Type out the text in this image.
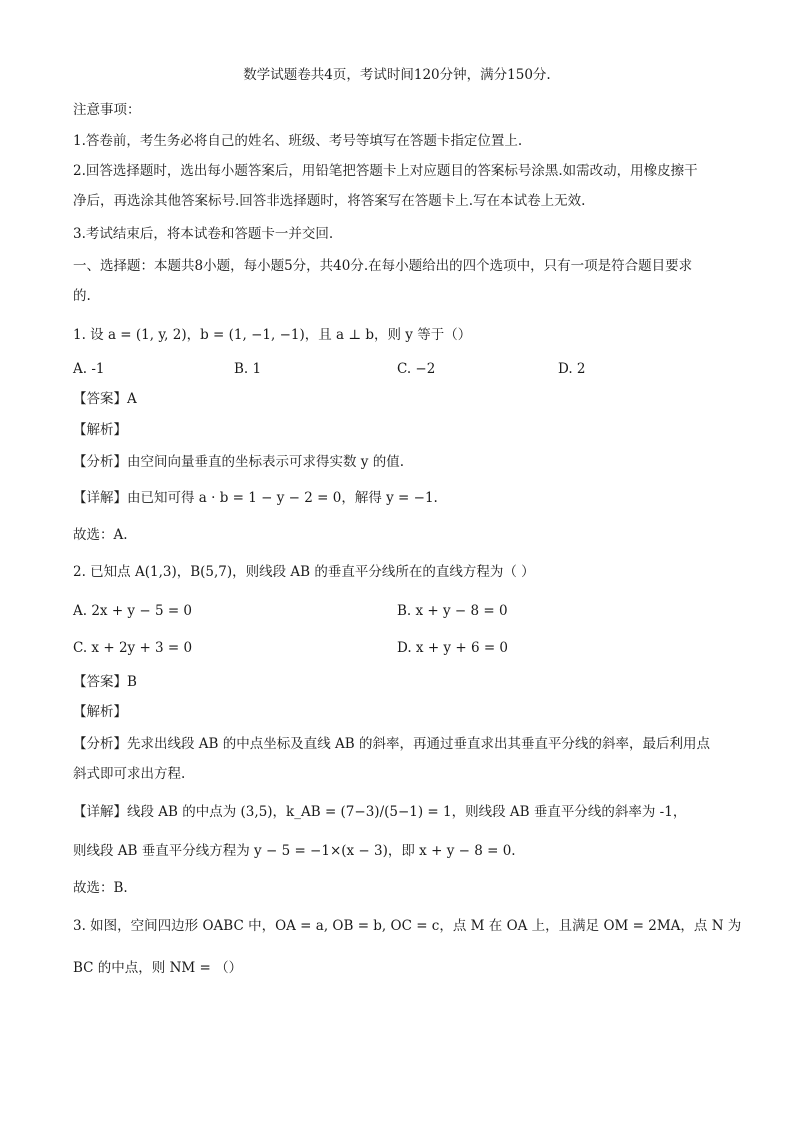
数学试题卷共4页，考试时间120分钟，满分150分.
注意事项：
1.答卷前，考生务必将自己的姓名、班级、考号等填写在答题卡指定位置上.
2.回答选择题时，选出每小题答案后，用铅笔把答题卡上对应题目的答案标号涂黑.如需改动，用橡皮擦干
净后，再选涂其他答案标号.回答非选择题时，将答案写在答题卡上.写在本试卷上无效.
3.考试结束后，将本试卷和答题卡一并交回.
一、选择题：本题共8小题，每小题5分，共40分.在每小题给出的四个选项中，只有一项是符合题目要求
的.
1. 设 a = (1, y, 2)，b = (1, −1, −1)，且 a ⊥ b，则 y 等于（）
A. -1	B. 1	C. −2	D. 2
【答案】A
【解析】
【分析】由空间向量垂直的坐标表示可求得实数 y 的值.
【详解】由已知可得 a · b = 1 − y − 2 = 0，解得 y = −1.
故选：A.
2. 已知点 A(1,3)，B(5,7)，则线段 AB 的垂直平分线所在的直线方程为（ ）
A. 2x + y − 5 = 0	B. x + y − 8 = 0
C. x + 2y + 3 = 0	D. x + y + 6 = 0
【答案】B
【解析】
【分析】先求出线段 AB 的中点坐标及直线 AB 的斜率，再通过垂直求出其垂直平分线的斜率，最后利用点
斜式即可求出方程.
【详解】线段 AB 的中点为 (3,5)，k_AB = (7−3)/(5−1) = 1，则线段 AB 垂直平分线的斜率为 -1，
则线段 AB 垂直平分线方程为 y − 5 = −1×(x − 3)，即 x + y − 8 = 0.
故选：B.
3. 如图，空间四边形 OABC 中，OA = a, OB = b, OC = c，点 M 在 OA 上，且满足 OM = 2MA，点 N 为
BC 的中点，则 NM = （）
